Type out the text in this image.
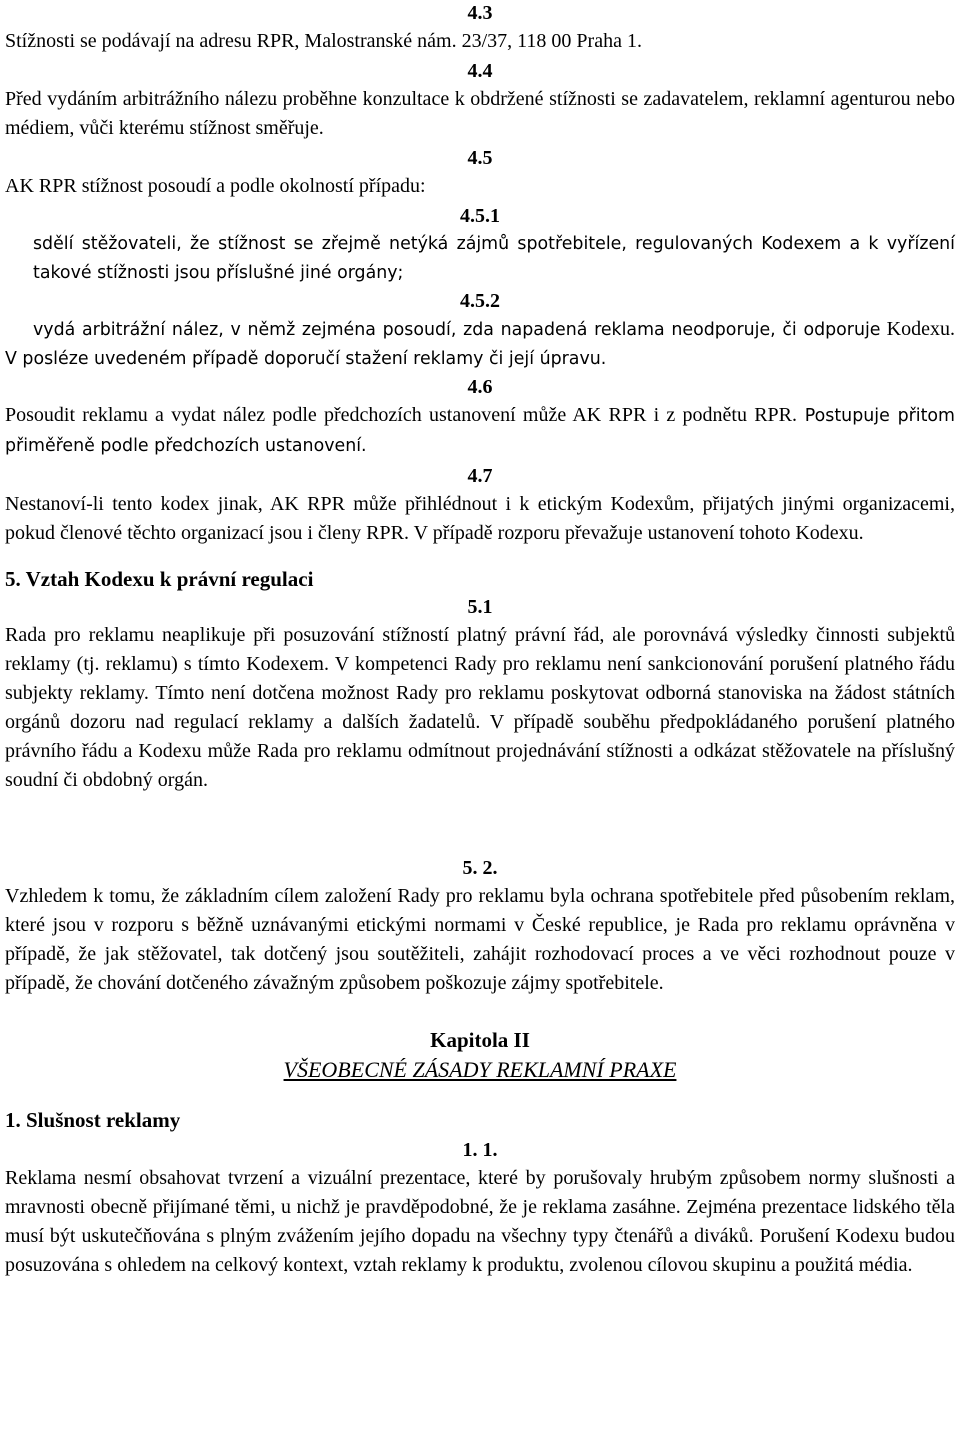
4.3

Stížnosti se podávají na adresu RPR, Malostranské nám. 23/37, 118 00 Praha 1.

4.4

Před vydáním arbitrážního nálezu proběhne konzultace k obdržené stížnosti se zadavatelem, reklamní agenturou nebo médiem, vůči kterému stížnost směřuje.

4.5

AK RPR stížnost posoudí a podle okolností případu:

4.5.1

sdělí stěžovateli, že stížnost se zřejmě netýká zájmů spotřebitele, regulovaných Kodexem a k vyřízení takové stížnosti jsou příslušné jiné orgány;

4.5.2

vydá arbitrážní nález, v němž zejména posoudí, zda napadená reklama neodporuje, či odporuje Kodexu. V posléze uvedeném případě doporučí stažení reklamy či její úpravu.

4.6

Posoudit reklamu a vydat nález podle předchozích ustanovení může AK RPR i z podnětu RPR. Postupuje přitom přiměřeně podle předchozích ustanovení.

4.7

Nestanoví-li tento kodex jinak, AK RPR může přihlédnout i k etickým Kodexům, přijatých jinými organizacemi, pokud členové těchto organizací jsou i členy RPR. V případě rozporu převažuje ustanovení tohoto Kodexu.

5. Vztah Kodexu k právní regulaci

5.1

Rada pro reklamu neaplikuje při posuzování stížností platný právní řád, ale porovnává výsledky činnosti subjektů reklamy (tj. reklamu) s tímto Kodexem. V kompetenci Rady pro reklamu není sankcionování porušení platného řádu subjekty reklamy. Tímto není dotčena možnost Rady pro reklamu poskytovat odborná stanoviska na žádost státních orgánů dozoru nad regulací reklamy a dalších žadatelů. V případě souběhu předpokládaného porušení platného právního řádu a Kodexu může Rada pro reklamu odmítnout projednávání stížnosti a odkázat stěžovatele na příslušný soudní či obdobný orgán.

5. 2.

Vzhledem k tomu, že základním cílem založení Rady pro reklamu byla ochrana spotřebitele před působením reklam, které jsou v rozporu s běžně uznávanými etickými normami v České republice, je Rada pro reklamu oprávněna v případě, že jak stěžovatel, tak dotčený jsou soutěžiteli, zahájit rozhodovací proces a ve věci rozhodnout pouze v případě, že chování dotčeného závažným způsobem poškozuje zájmy spotřebitele.

Kapitola II

VŠEOBECNÉ ZÁSADY REKLAMNÍ PRAXE

1. Slušnost reklamy

1. 1.

Reklama nesmí obsahovat tvrzení a vizuální prezentace, které by porušovaly hrubým způsobem normy slušnosti a mravnosti obecně přijímané těmi, u nichž je pravděpodobné, že je reklama zasáhne. Zejména prezentace lidského těla musí být uskutečňována s plným zvážením jejího dopadu na všechny typy čtenářů a diváků. Porušení Kodexu budou posuzována s ohledem na celkový kontext, vztah reklamy k produktu, zvolenou cílovou skupinu a použitá média.
